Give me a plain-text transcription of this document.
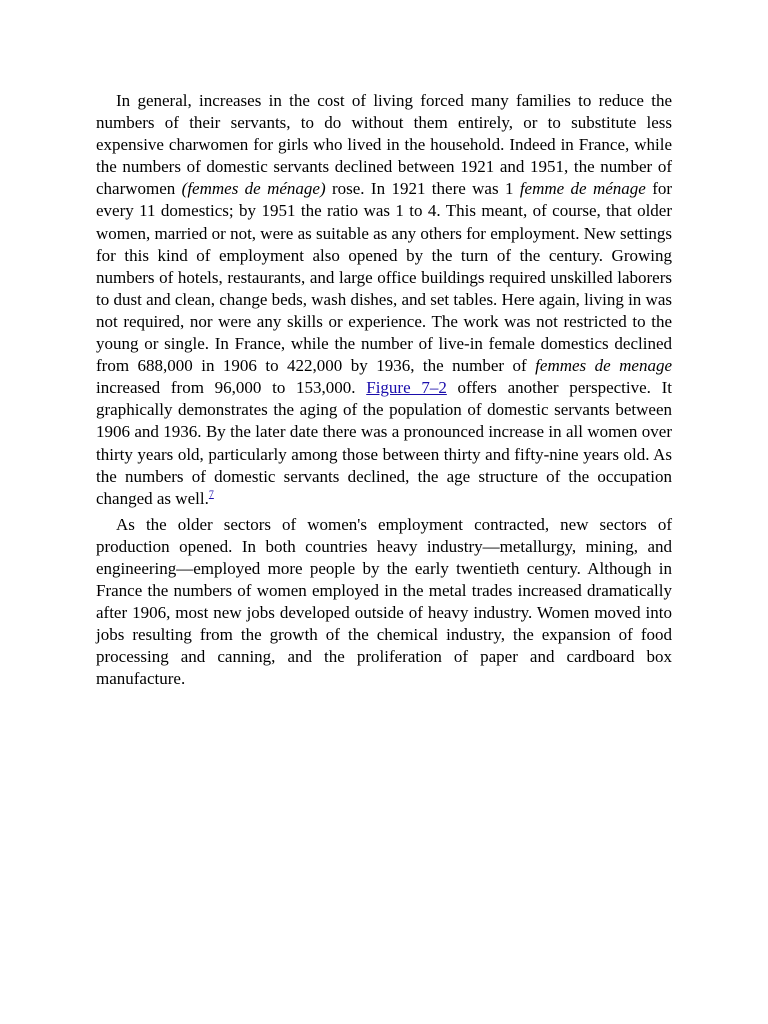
In general, increases in the cost of living forced many families to reduce the numbers of their servants, to do without them entirely, or to substitute less expensive charwomen for girls who lived in the household. Indeed in France, while the numbers of domestic servants declined between 1921 and 1951, the number of charwomen (femmes de ménage) rose. In 1921 there was 1 femme de ménage for every 11 domestics; by 1951 the ratio was 1 to 4. This meant, of course, that older women, married or not, were as suitable as any others for employment. New settings for this kind of employment also opened by the turn of the century. Growing numbers of hotels, restaurants, and large office buildings required unskilled laborers to dust and clean, change beds, wash dishes, and set tables. Here again, living in was not required, nor were any skills or experience. The work was not restricted to the young or single. In France, while the number of live-in female domestics declined from 688,000 in 1906 to 422,000 by 1936, the number of femmes de menage increased from 96,000 to 153,000. Figure 7–2 offers another perspective. It graphically demonstrates the aging of the population of domestic servants between 1906 and 1936. By the later date there was a pronounced increase in all women over thirty years old, particularly among those between thirty and fifty-nine years old. As the numbers of domestic servants declined, the age structure of the occupation changed as well.$^7$

As the older sectors of women's employment contracted, new sectors of production opened. In both countries heavy industry—metallurgy, mining, and engineering—employed more people by the early twentieth century. Although in France the numbers of women employed in the metal trades increased dramatically after 1906, most new jobs developed outside of heavy industry. Women moved into jobs resulting from the growth of the chemical industry, the expansion of food processing and canning, and the proliferation of paper and cardboard box manufacture.
